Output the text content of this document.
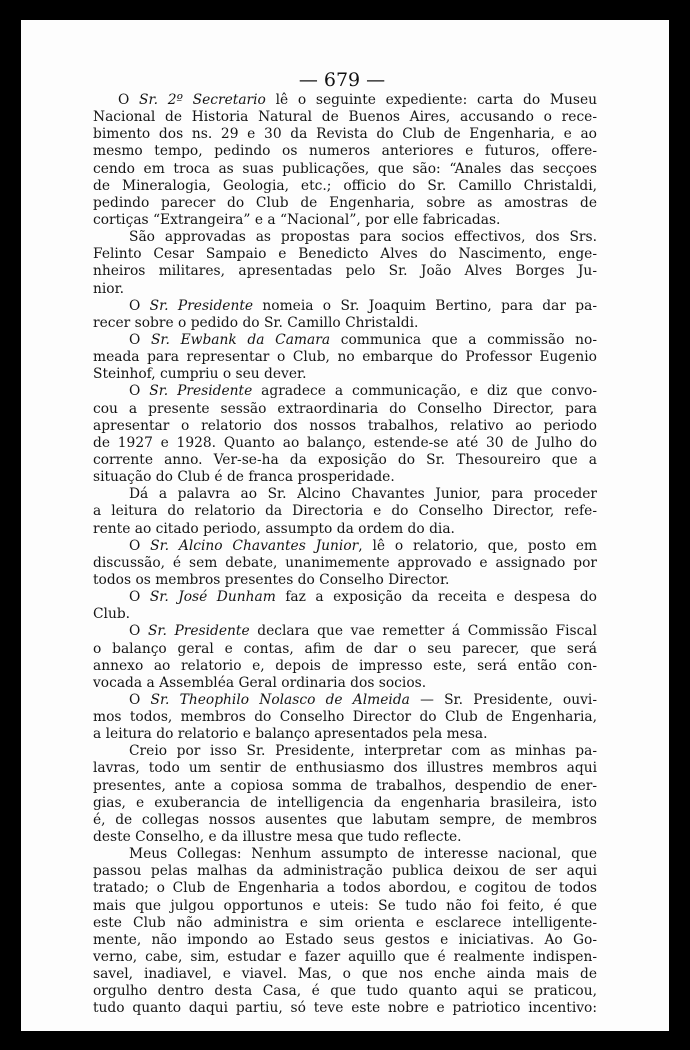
— 679 —
O Sr. 2º Secretario lê o seguinte expediente: carta do Museu
Nacional de Historia Natural de Buenos Aires, accusando o rece-
bimento dos ns. 29 e 30 da Revista do Club de Engenharia, e ao
mesmo tempo, pedindo os numeros anteriores e futuros, offere-
cendo em troca as suas publicações, que são: “Anales das secçoes
de Mineralogia, Geologia, etc.; officio do Sr. Camillo Christaldi,
pedindo parecer do Club de Engenharia, sobre as amostras de
cortiças “Extrangeira” e a “Nacional”, por elle fabricadas.
São approvadas as propostas para socios effectivos, dos Srs.
Felinto Cesar Sampaio e Benedicto Alves do Nascimento, enge-
nheiros militares, apresentadas pelo Sr. João Alves Borges Ju-
nior.
O Sr. Presidente nomeia o Sr. Joaquim Bertino, para dar pa-
recer sobre o pedido do Sr. Camillo Christaldi.
O Sr. Ewbank da Camara communica que a commissão no-
meada para representar o Club, no embarque do Professor Eugenio
Steinhof, cumpriu o seu dever.
O Sr. Presidente agradece a communicação, e diz que convo-
cou a presente sessão extraordinaria do Conselho Director, para
apresentar o relatorio dos nossos trabalhos, relativo ao periodo
de 1927 e 1928. Quanto ao balanço, estende-se até 30 de Julho do
corrente anno. Ver-se-ha da exposição do Sr. Thesoureiro que a
situação do Club é de franca prosperidade.
Dá a palavra ao Sr. Alcino Chavantes Junior, para proceder
a leitura do relatorio da Directoria e do Conselho Director, refe-
rente ao citado periodo, assumpto da ordem do dia.
O Sr. Alcino Chavantes Junior, lê o relatorio, que, posto em
discussão, é sem debate, unanimemente approvado e assignado por
todos os membros presentes do Conselho Director.
O Sr. José Dunham faz a exposição da receita e despesa do
Club.
O Sr. Presidente declara que vae remetter á Commissão Fiscal
o balanço geral e contas, afim de dar o seu parecer, que será
annexo ao relatorio e, depois de impresso este, será então con-
vocada a Assembléa Geral ordinaria dos socios.
O Sr. Theophilo Nolasco de Almeida — Sr. Presidente, ouvi-
mos todos, membros do Conselho Director do Club de Engenharia,
a leitura do relatorio e balanço apresentados pela mesa.
Creio por isso Sr. Presidente, interpretar com as minhas pa-
lavras, todo um sentir de enthusiasmo dos illustres membros aqui
presentes, ante a copiosa somma de trabalhos, despendio de ener-
gias, e exuberancia de intelligencia da engenharia brasileira, isto
é, de collegas nossos ausentes que labutam sempre, de membros
deste Conselho, e da illustre mesa que tudo reflecte.
Meus Collegas: Nenhum assumpto de interesse nacional, que
passou pelas malhas da administração publica deixou de ser aqui
tratado; o Club de Engenharia a todos abordou, e cogitou de todos
mais que julgou opportunos e uteis: Se tudo não foi feito, é que
este Club não administra e sim orienta e esclarece intelligente-
mente, não impondo ao Estado seus gestos e iniciativas. Ao Go-
verno, cabe, sim, estudar e fazer aquillo que é realmente indispen-
savel, inadiavel, e viavel. Mas, o que nos enche ainda mais de
orgulho dentro desta Casa, é que tudo quanto aqui se praticou,
tudo quanto daqui partiu, só teve este nobre e patriotico incentivo:
